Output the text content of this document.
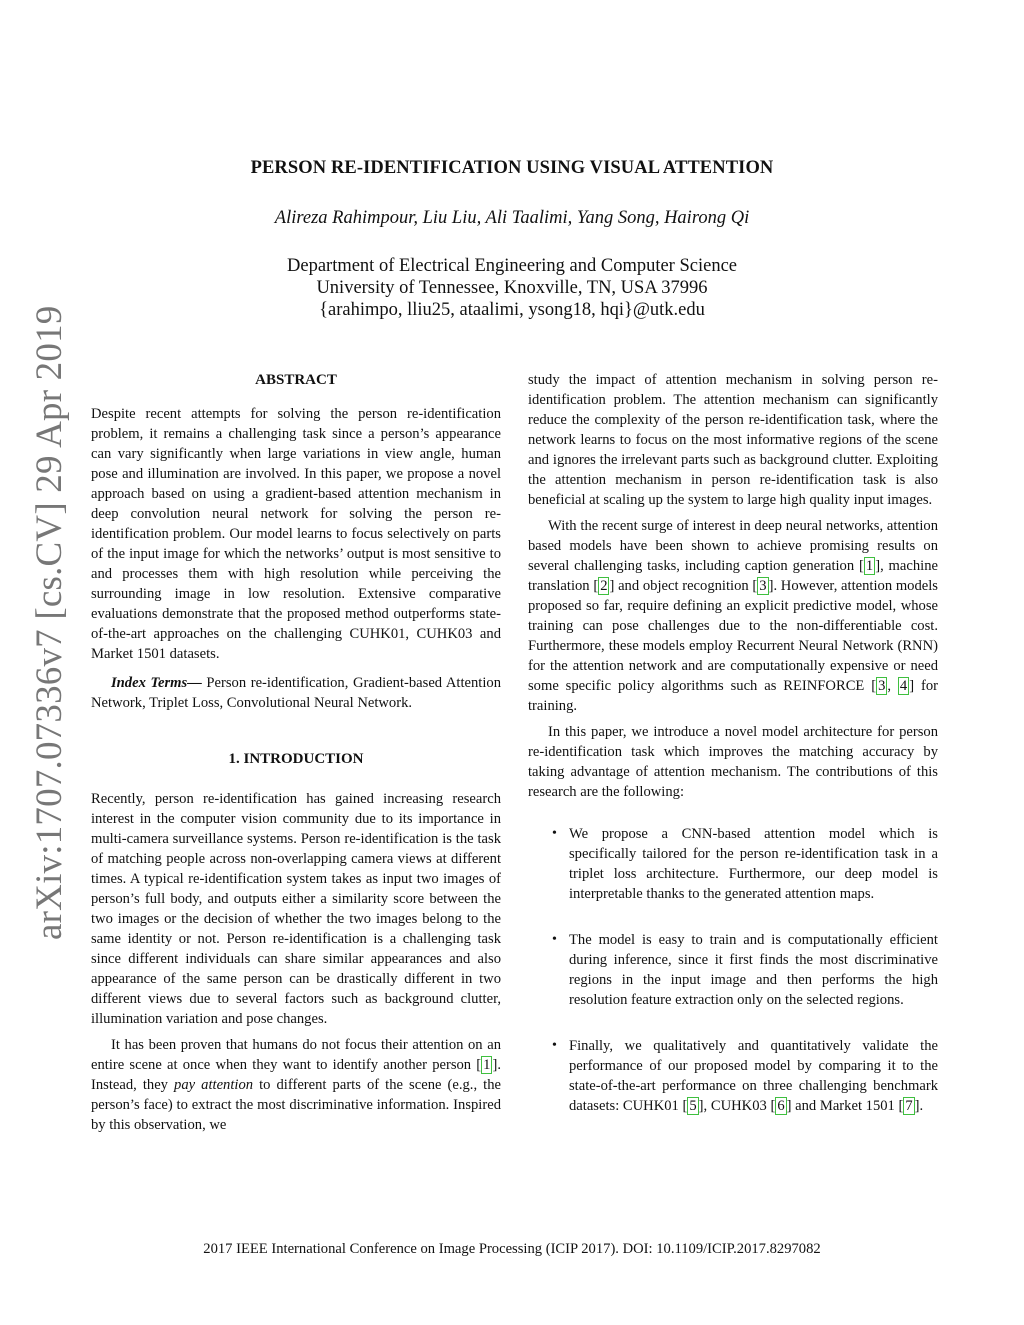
arXiv:1707.07336v7 [cs.CV] 29 Apr 2019
PERSON RE-IDENTIFICATION USING VISUAL ATTENTION
Alireza Rahimpour, Liu Liu, Ali Taalimi, Yang Song, Hairong Qi
Department of Electrical Engineering and Computer Science
University of Tennessee, Knoxville, TN, USA 37996
{arahimpo, lliu25, ataalimi, ysong18, hqi}@utk.edu
ABSTRACT

Despite recent attempts for solving the person re-identification problem, it remains a challenging task since a person’s appearance can vary significantly when large variations in view angle, human pose and illumination are involved. In this paper, we propose a novel approach based on using a gradient-based attention mechanism in deep convolution neural network for solving the person re-identification problem. Our model learns to focus selectively on parts of the input image for which the networks’ output is most sensitive to and processes them with high resolution while perceiving the surrounding image in low resolution. Extensive comparative evaluations demonstrate that the proposed method outperforms state-of-the-art approaches on the challenging CUHK01, CUHK03 and Market 1501 datasets.

Index Terms— Person re-identification, Gradient-based Attention Network, Triplet Loss, Convolutional Neural Network.

1. INTRODUCTION

Recently, person re-identification has gained increasing research interest in the computer vision community due to its importance in multi-camera surveillance systems. Person re-identification is the task of matching people across non-overlapping camera views at different times. A typical re-identification system takes as input two images of person’s full body, and outputs either a similarity score between the two images or the decision of whether the two images belong to the same identity or not. Person re-identification is a challenging task since different individuals can share similar appearances and also appearance of the same person can be drastically different in two different views due to several factors such as background clutter, illumination variation and pose changes.

It has been proven that humans do not focus their attention on an entire scene at once when they want to identify another person [ 1 ]. Instead, they pay attention to different parts of the scene (e.g., the person’s face) to extract the most discriminative information. Inspired by this observation, we

study the impact of attention mechanism in solving person re-identification problem. The attention mechanism can significantly reduce the complexity of the person re-identification task, where the network learns to focus on the most informative regions of the scene and ignores the irrelevant parts such as background clutter. Exploiting the attention mechanism in person re-identification task is also beneficial at scaling up the system to large high quality input images.

With the recent surge of interest in deep neural networks, attention based models have been shown to achieve promising results on several challenging tasks, including caption generation [ 1 ], machine translation [ 2 ] and object recognition [ 3 ]. However, attention models proposed so far, require defining an explicit predictive model, whose training can pose challenges due to the non-differentiable cost. Furthermore, these models employ Recurrent Neural Network (RNN) for the attention network and are computationally expensive or need some specific policy algorithms such as REINFORCE [ 3 , 4 ] for training.

In this paper, we introduce a novel model architecture for person re-identification task which improves the matching accuracy by taking advantage of attention mechanism. The contributions of this research are the following:

• We propose a CNN-based attention model which is specifically tailored for the person re-identification task in a triplet loss architecture. Furthermore, our deep model is interpretable thanks to the generated attention maps.
• The model is easy to train and is computationally efficient during inference, since it first finds the most discriminative regions in the input image and then performs the high resolution feature extraction only on the selected regions.
• Finally, we qualitatively and quantitatively validate the performance of our proposed model by comparing it to the state-of-the-art performance on three challenging benchmark datasets: CUHK01 [ 5 ], CUHK03 [ 6 ] and Market 1501 [ 7 ].
2017 IEEE International Conference on Image Processing (ICIP 2017). DOI: 10.1109/ICIP.2017.8297082
